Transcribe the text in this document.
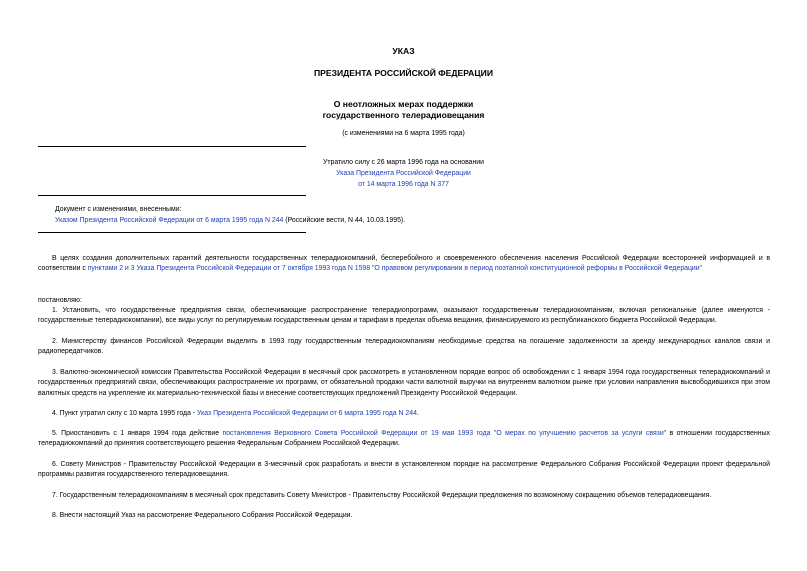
УКАЗ
ПРЕЗИДЕНТА РОССИЙСКОЙ ФЕДЕРАЦИИ
О неотложных мерах поддержки
государственного телерадиовещания
(с изменениями на 6 марта 1995 года)
Утратило силу с 26 марта 1996 года на основании
Указа Президента Российской Федерации
от 14 марта 1996 года N 377
Документ с изменениями, внесенными:
Указом Президента Российской Федерации от 6 марта 1995 года N 244 (Российские вести, N 44, 10.03.1995).
В целях создания дополнительных гарантий деятельности государственных телерадиокомпаний, бесперебойного и своевременного обеспечения населения Российской Федерации всесторонней информацией и в соответствии с пунктами 2 и 3 Указа Президента Российской Федерации от 7 октября 1993 года N 1598 "О правовом регулировании в период поэтапной конституционной реформы в Российской Федерации"
постановляю:
1. Установить, что государственные предприятия связи, обеспечивающие распространение телерадиопрограмм, оказывают государственным телерадиокомпаниям, включая региональные (далее именуются - государственные телерадиокомпании), все виды услуг по регулируемым государственным ценам и тарифам в пределах объема вещания, финансируемого из республиканского бюджета Российской Федерации.
2. Министерству финансов Российской Федерации выделить в 1993 году государственным телерадиокомпаниям необходимые средства на погашение задолженности за аренду международных каналов связи и радиопередатчиков.
3. Валютно-экономической комиссии Правительства Российской Федерации в месячный срок рассмотреть в установленном порядке вопрос об освобождении с 1 января 1994 года государственных телерадиокомпаний и государственных предприятий связи, обеспечивающих распространение их программ, от обязательной продажи части валютной выручки на внутреннем валютном рынке при условии направления высвободившихся при этом валютных средств на укрепление их материально-технической базы и внесение соответствующих предложений Президенту Российской Федерации.
4. Пункт утратил силу с 10 марта 1995 года - Указ Президента Российской Федерации от 6 марта 1995 года N 244.
5. Приостановить с 1 января 1994 года действие постановления Верховного Совета Российской Федерации от 19 мая 1993 года "О мерах по улучшению расчетов за услуги связи" в отношении государственных телерадиокомпаний до принятия соответствующего решения Федеральным Собранием Российской Федерации.
6. Совету Министров - Правительству Российской Федерации в 3-месячный срок разработать и внести в установленном порядке на рассмотрение Федерального Собрания Российской Федерации проект федеральной программы развития государственного телерадиовещания.
7. Государственным телерадиокомпаниям в месячный срок представить Совету Министров - Правительству Российской Федерации предложения по возможному сокращению объемов телерадиовещания.
8. Внести настоящий Указ на рассмотрение Федерального Собрания Российской Федерации.
